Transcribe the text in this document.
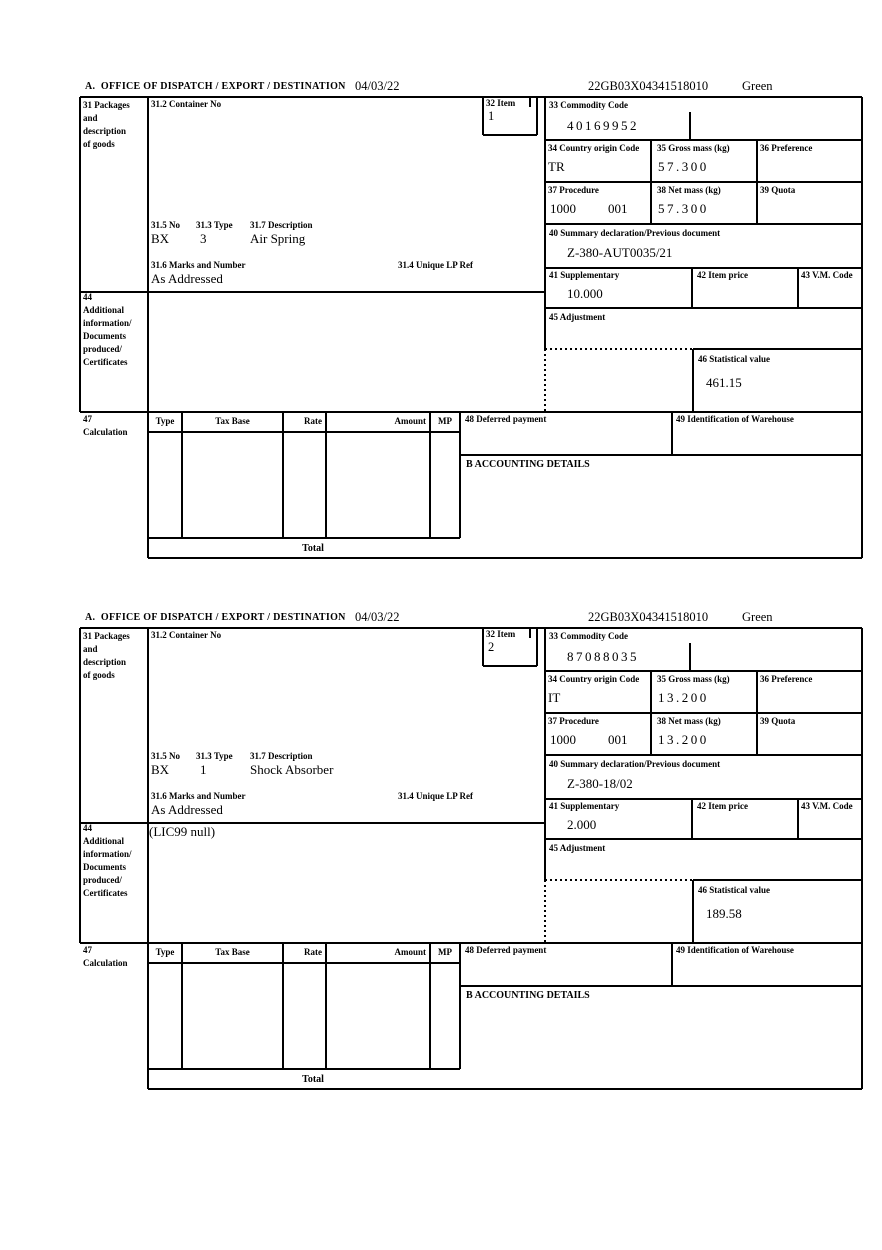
A.  OFFICE OF DISPATCH / EXPORT / DESTINATION 04/03/22	22GB03X04341518010	Green
31 Packages
and
description
of goods
44
Additional
information/
Documents
produced/
Certificates
47
Calculation
31.2 Container No	32 Item
1
31.5 No 31.3 Type 31.7 Description
BX 3	Air Spring
31.6 Marks and Number	31.4 Unique LP Ref
As Addressed
33 Commodity Code
40169952
34 Country origin Code
TR
35 Gross mass (kg)
57.300
36 Preference
37 Procedure
1000 001
38 Net mass (kg)
57.300
39 Quota
40 Summary declaration/Previous document
Z-380-AUT0035/21
41 Supplementary
10.000
42 Item price	43 V.M. Code
45 Adjustment
46 Statistical value
461.15
Type	Tax Base	Rate	Amount	MP	48 Deferred payment	49 Identification of Warehouse
B ACCOUNTING DETAILS
Total
A.  OFFICE OF DISPATCH / EXPORT / DESTINATION 04/03/22	22GB03X04341518010	Green
31 Packages
and
description
of goods
44
Additional
information/
Documents
produced/
Certificates
47
Calculation
31.2 Container No	32 Item
2
31.5 No 31.3 Type 31.7 Description
BX 1	Shock Absorber
31.6 Marks and Number	31.4 Unique LP Ref
As Addressed
(LIC99 null)
33 Commodity Code
87088035
34 Country origin Code
IT
35 Gross mass (kg)
13.200
36 Preference
37 Procedure
1000 001
38 Net mass (kg)
13.200
39 Quota
40 Summary declaration/Previous document
Z-380-18/02
41 Supplementary
2.000
42 Item price	43 V.M. Code
45 Adjustment
46 Statistical value
189.58
Type	Tax Base	Rate	Amount	MP	48 Deferred payment	49 Identification of Warehouse
B ACCOUNTING DETAILS
Total
